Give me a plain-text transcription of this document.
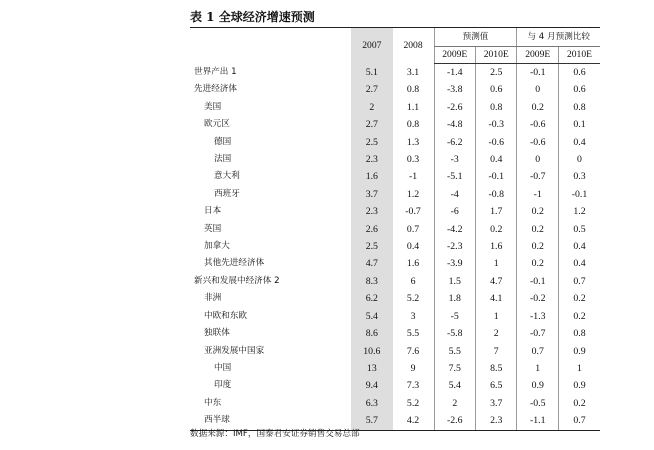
表 1 全球经济增速预测
	2007	2008	预测值		与 4 月预测比较	
			2009E	2010E	2009E	2010E
世界产出 1	5.1	3.1	-1.4	2.5	-0.1	0.6
先进经济体	2.7	0.8	-3.8	0.6	0	0.6
美国	2	1.1	-2.6	0.8	0.2	0.8
欧元区	2.7	0.8	-4.8	-0.3	-0.6	0.1
德国	2.5	1.3	-6.2	-0.6	-0.6	0.4
法国	2.3	0.3	-3	0.4	0	0
意大利	1.6	-1	-5.1	-0.1	-0.7	0.3
西班牙	3.7	1.2	-4	-0.8	-1	-0.1
日本	2.3	-0.7	-6	1.7	0.2	1.2
英国	2.6	0.7	-4.2	0.2	0.2	0.5
加拿大	2.5	0.4	-2.3	1.6	0.2	0.4
其他先进经济体	4.7	1.6	-3.9	1	0.2	0.4
新兴和发展中经济体 2	8.3	6	1.5	4.7	-0.1	0.7
非洲	6.2	5.2	1.8	4.1	-0.2	0.2
中欧和东欧	5.4	3	-5	1	-1.3	0.2
独联体	8.6	5.5	-5.8	2	-0.7	0.8
亚洲发展中国家	10.6	7.6	5.5	7	0.7	0.9
中国	13	9	7.5	8.5	1	1
印度	9.4	7.3	5.4	6.5	0.9	0.9
中东	6.3	5.2	2	3.7	-0.5	0.2
西半球	5.7	4.2	-2.6	2.3	-1.1	0.7
数据来源：IMF，国泰君安证券销售交易总部
